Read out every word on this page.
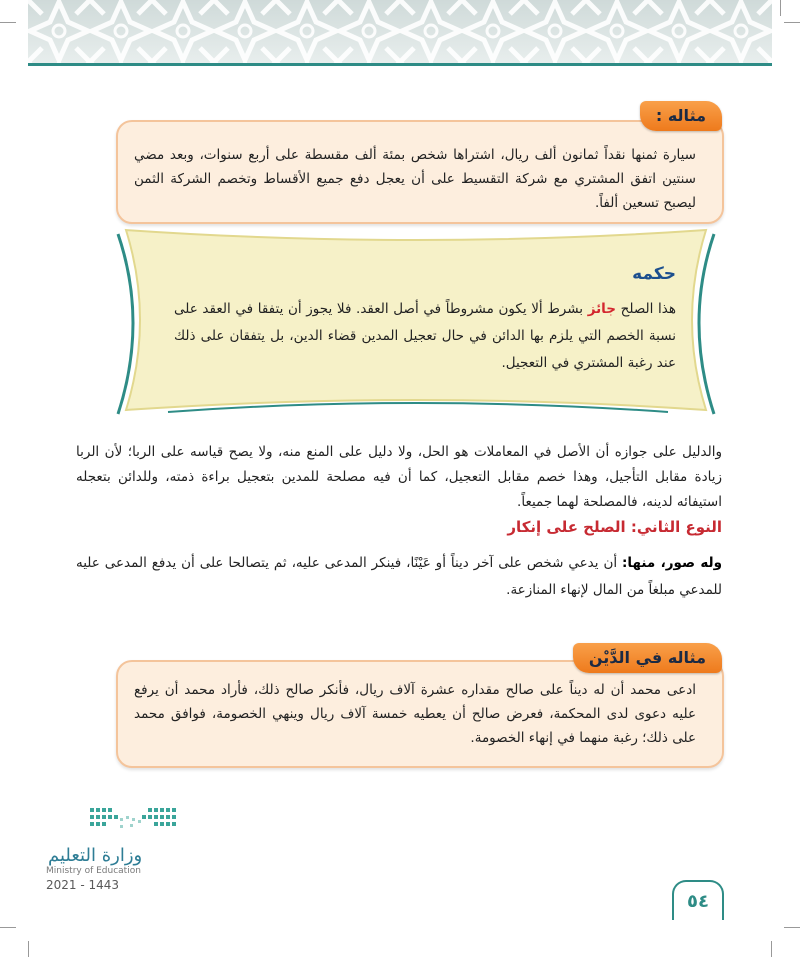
مثاله :
سيارة ثمنها نقداً ثمانون ألف ريال، اشتراها شخص بمئة ألف مقسطة على أربع سنوات، وبعد مضي سنتين اتفق المشتري مع شركة التقسيط على أن يعجل دفع جميع الأقساط وتخصم الشركة الثمن ليصبح تسعين ألفاً.
حكمه
هذا الصلح جائز بشرط ألا يكون مشروطاً في أصل العقد. فلا يجوز أن يتفقا في العقد على نسبة الخصم التي يلزم بها الدائن في حال تعجيل المدين قضاء الدين، بل يتفقان على ذلك عند رغبة المشتري في التعجيل.
والدليل على جوازه أن الأصل في المعاملات هو الحل، ولا دليل على المنع منه، ولا يصح قياسه على الربا؛ لأن الربا زيادة مقابل التأجيل، وهذا خصم مقابل التعجيل، كما أن فيه مصلحة للمدين بتعجيل براءة ذمته، وللدائن بتعجله استيفائه لدينه، فالمصلحة لهما جميعاً.
النوع الثاني: الصلح على إنكار
وله صور، منها: أن يدعي شخص على آخر ديناً أو عَيْنًا، فينكر المدعى عليه، ثم يتصالحا على أن يدفع المدعى عليه للمدعي مبلغاً من المال لإنهاء المنازعة.
مثاله في الدَّيْن
ادعى محمد أن له ديناً على صالح مقداره عشرة آلاف ريال، فأنكر صالح ذلك، فأراد محمد أن يرفع عليه دعوى لدى المحكمة، فعرض صالح أن يعطيه خمسة آلاف ريال وينهي الخصومة، فوافق محمد على ذلك؛ رغبة منهما في إنهاء الخصومة.
وزارة التعليم
Ministry of Education
2021 - 1443
٥٤
